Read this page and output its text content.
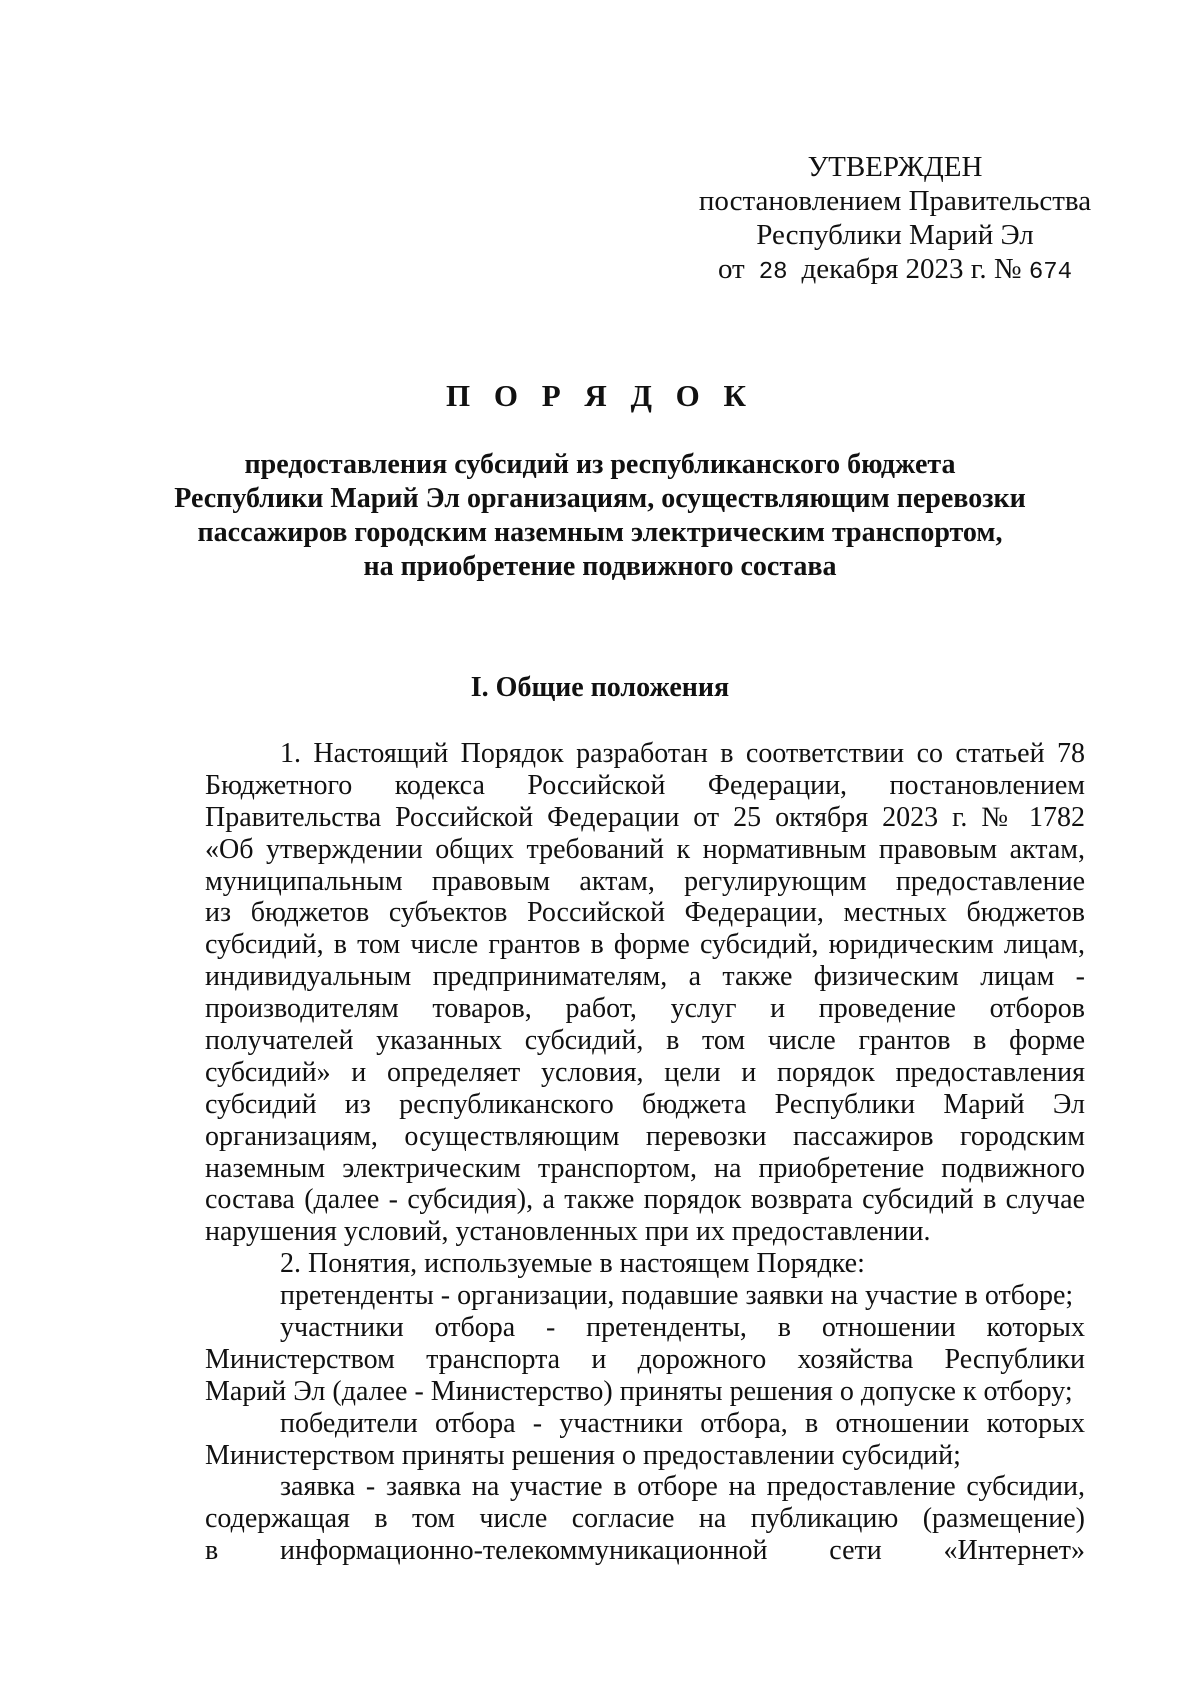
УТВЕРЖДЕН
постановлением Правительства
Республики Марий Эл
от 28 декабря 2023 г. № 674
П О Р Я Д О К
предоставления субсидий из республиканского бюджета
Республики Марий Эл организациям, осуществляющим перевозки
пассажиров городским наземным электрическим транспортом,
на приобретение подвижного состава
I. Общие положения
1. Настоящий Порядок разработан в соответствии со статьей 78
Бюджетного кодекса Российской Федерации, постановлением
Правительства Российской Федерации от 25 октября 2023 г. № 1782
«Об утверждении общих требований к нормативным правовым актам,
муниципальным правовым актам, регулирующим предоставление
из бюджетов субъектов Российской Федерации, местных бюджетов
субсидий, в том числе грантов в форме субсидий, юридическим лицам,
индивидуальным предпринимателям, а также физическим лицам -
производителям товаров, работ, услуг и проведение отборов
получателей указанных субсидий, в том числе грантов в форме
субсидий» и определяет условия, цели и порядок предоставления
субсидий из республиканского бюджета Республики Марий Эл
организациям, осуществляющим перевозки пассажиров городским
наземным электрическим транспортом, на приобретение подвижного
состава (далее - субсидия), а также порядок возврата субсидий в случае
нарушения условий, установленных при их предоставлении.
2. Понятия, используемые в настоящем Порядке:
претенденты - организации, подавшие заявки на участие в отборе;
участники отбора - претенденты, в отношении которых
Министерством транспорта и дорожного хозяйства Республики
Марий Эл (далее - Министерство) приняты решения о допуске к отбору;
победители отбора - участники отбора, в отношении которых
Министерством приняты решения о предоставлении субсидий;
заявка - заявка на участие в отборе на предоставление субсидии,
содержащая в том числе согласие на публикацию (размещение)
в информационно-телекоммуникационной сети «Интернет»
